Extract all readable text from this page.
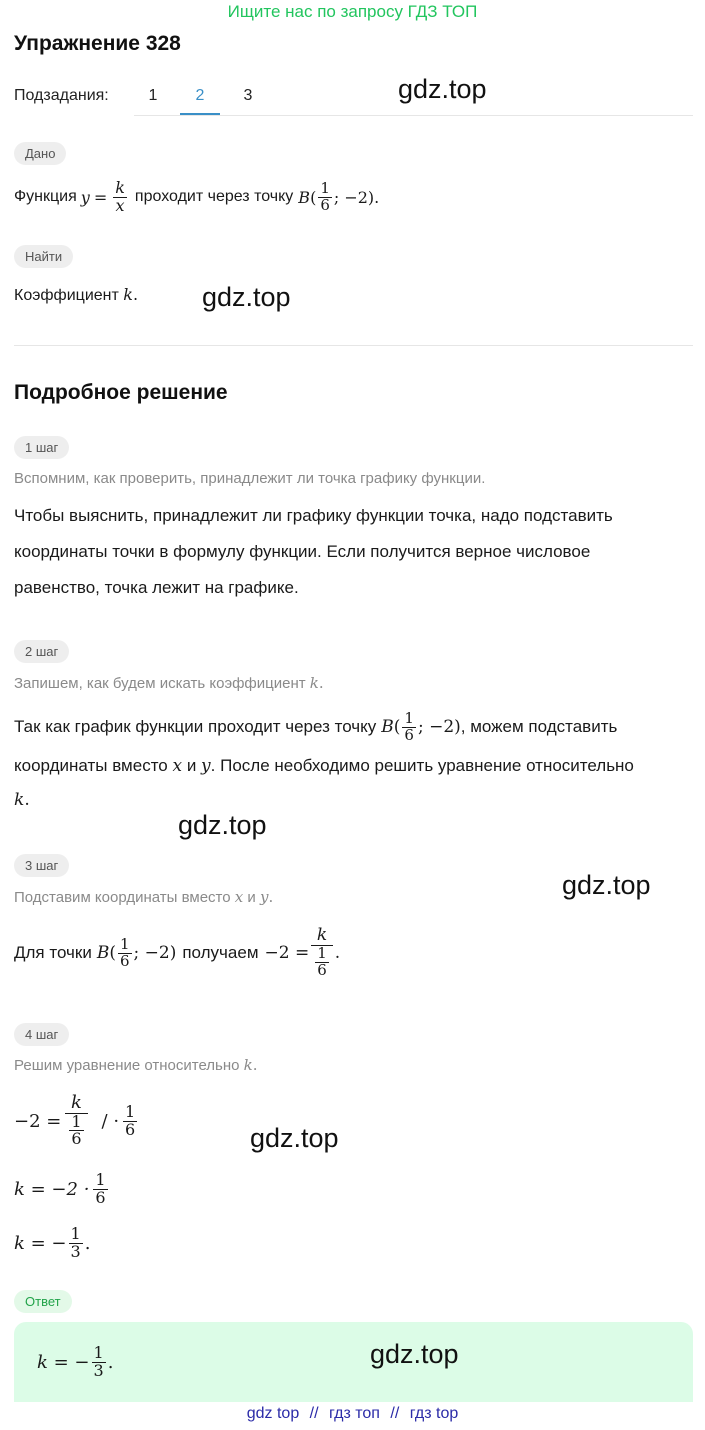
Ищите нас по запросу ГДЗ ТОП
Упражнение 328
Подзадания: 1 2 3	gdz.top
Дано
Функция $y = \frac{k}{x}$ проходит через точку B ( $\frac{1}{6}$ ; −2).
Найти
Коэффициент k. gdz.top
Подробное решение
1 шаг
Вспомним, как проверить, принадлежит ли точка графику функции.
Чтобы выяснить, принадлежит ли графику функции точка, надо подставить
координаты точки в формулу функции. Если получится верное числовое
равенство, точка лежит на графике.
2 шаг
Запишем, как будем искать коэффициент k.
Так как график функции проходит через точку B ( $\frac{1}{6}$ ; −2) , можем подставить
координаты вместо x и y. После необходимо решить уравнение относительно
k.
gdz.top
3 шаг
gdz.top
Подставим координаты вместо x и y.
Для точки B ( $\frac{1}{6}$ ; −2) получаем $-2 = \frac{k}{\frac{1}{6}}$ .
4 шаг
Решим уравнение относительно k.
$-2 = \frac{k}{\frac{1}{6}}$ / · $\frac{1}{6}$	gdz.top
$k = -2 \cdot \frac{1}{6}$
k = − $\frac{1}{3}$ .
Ответ
k = − $\frac{1}{3}$ .	gdz.top
gdz top // гдз топ // гдз top
